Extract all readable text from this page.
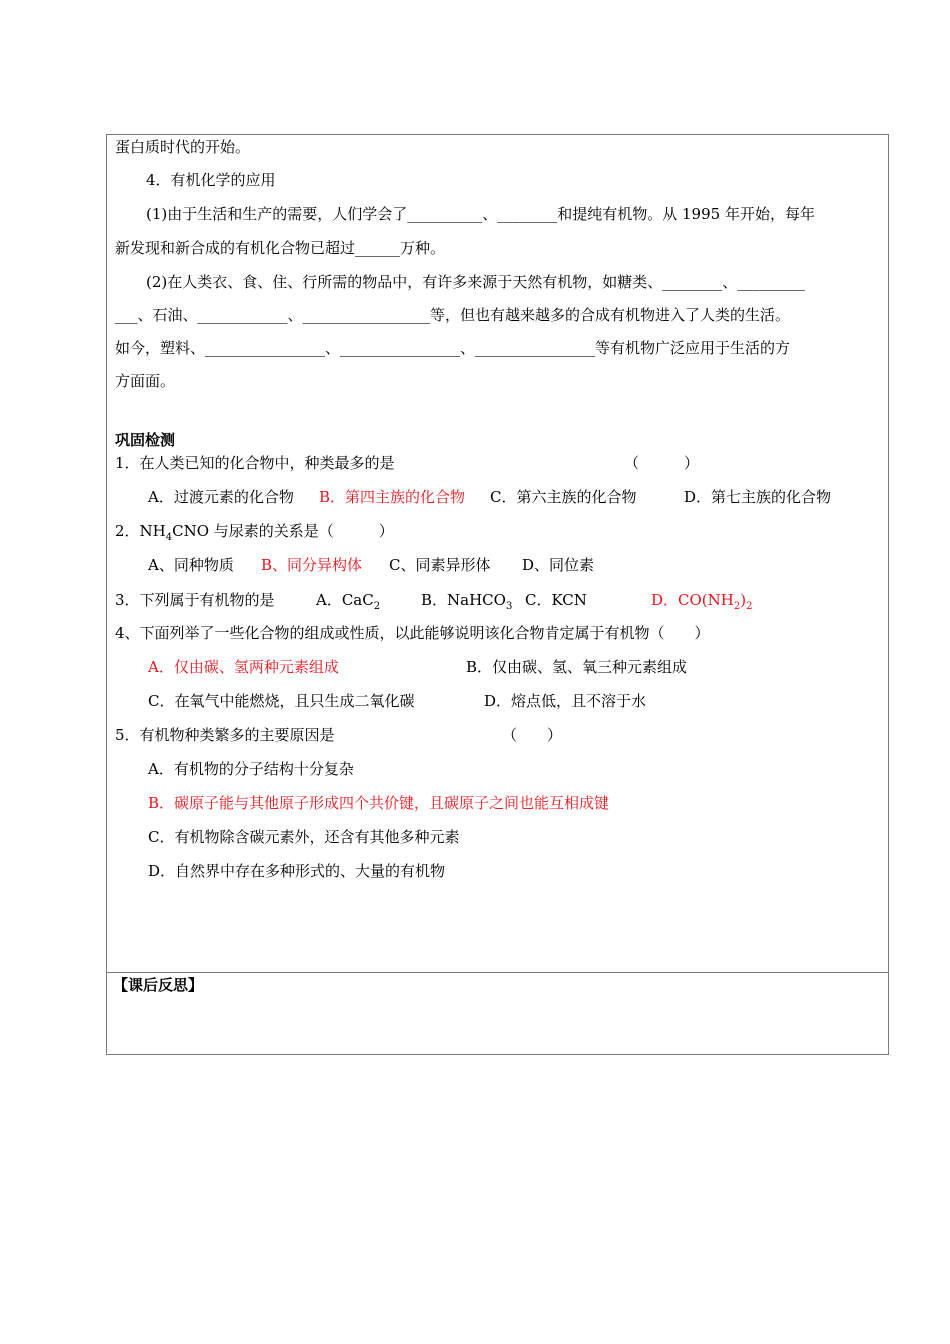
蛋白质时代的开始。
4．有机化学的应用
(1)由于生活和生产的需要，人们学会了__________、________和提纯有机物。从 1995 年开始，每年
新发现和新合成的有机化合物已超过______万种。
(2)在人类衣、食、住、行所需的物品中，有许多来源于天然有机物，如糖类、________、_________
___、石油、____________、_________________等，但也有越来越多的合成有机物进入了人类的生活。
如今，塑料、________________、________________、________________等有机物广泛应用于生活的方
方面面。
巩固检测
1．在人类已知的化合物中，种类最多的是	（　　　）
A．过渡元素的化合物 B．第四主族的化合物 C．第六主族的化合物	D．第七主族的化合物
2．$NH_4CNO$ 与尿素的关系是（　　　）
A、同种物质 B、同分异构体 C、同素异形体 D、同位素
3．下列属于有机物的是	A．CaC$_2$	B．NaHCO$_3$ C．KCN	D．$CO(NH_2)_2$
4、下面列举了一些化合物的组成或性质，以此能够说明该化合物肯定属于有机物（　　）
A．仅由碳、氢两种元素组成	B．仅由碳、氢、氧三种元素组成
C．在氧气中能燃烧，且只生成二氧化碳	D．熔点低，且不溶于水
5．有机物种类繁多的主要原因是	（　　）
A．有机物的分子结构十分复杂
B．碳原子能与其他原子形成四个共价键，且碳原子之间也能互相成键
C．有机物除含碳元素外，还含有其他多种元素
D．自然界中存在多种形式的、大量的有机物
【课后反思】
